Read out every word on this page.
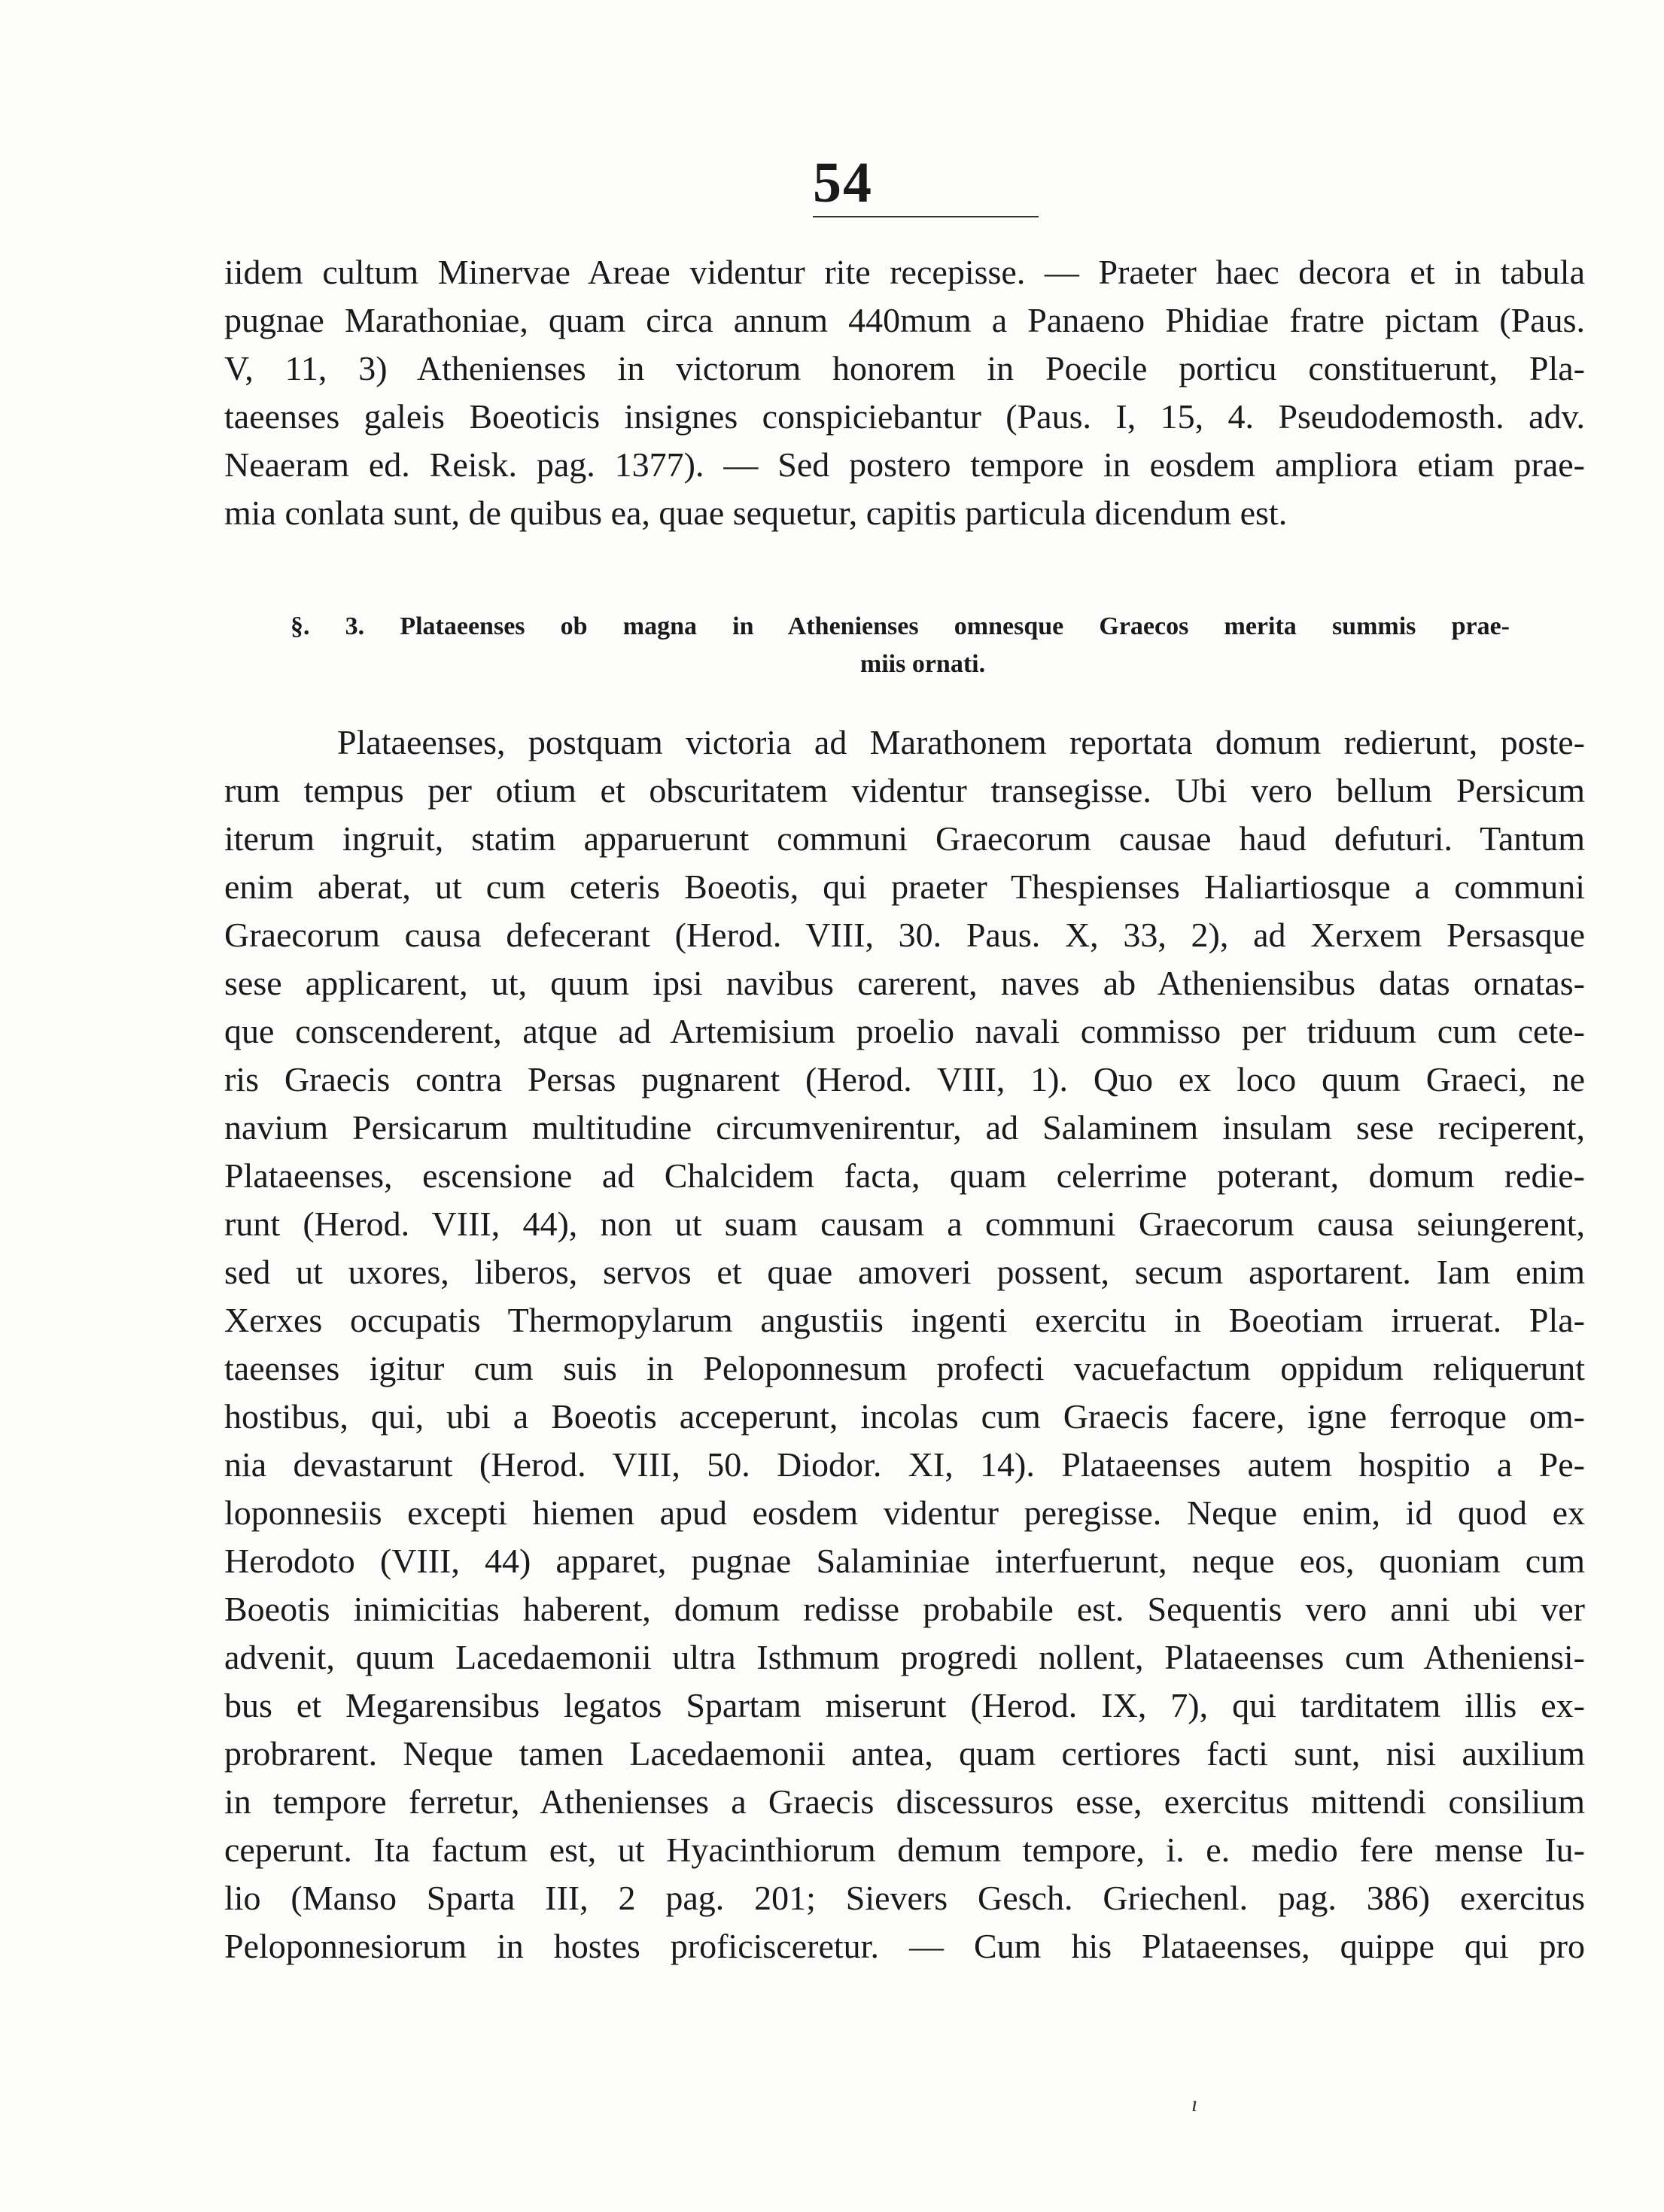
54
iidem cultum Minervae Areae videntur rite recepisse. — Praeter haec decora et in tabula
pugnae Marathoniae, quam circa annum 440mum a Panaeno Phidiae fratre pictam (Paus.
V, 11, 3) Athenienses in victorum honorem in Poecile porticu constituerunt, Pla-
taeenses galeis Boeoticis insignes conspiciebantur (Paus. I, 15, 4. Pseudodemosth. adv.
Neaeram ed. Reisk. pag. 1377). — Sed postero tempore in eosdem ampliora etiam prae-
mia conlata sunt, de quibus ea, quae sequetur, capitis particula dicendum est.
§. 3. Plataeenses ob magna in Athenienses omnesque Graecos merita summis prae-
miis ornati.
Plataeenses, postquam victoria ad Marathonem reportata domum redierunt, poste-
rum tempus per otium et obscuritatem videntur transegisse. Ubi vero bellum Persicum
iterum ingruit, statim apparuerunt communi Graecorum causae haud defuturi. Tantum
enim aberat, ut cum ceteris Boeotis, qui praeter Thespienses Haliartiosque a communi
Graecorum causa defecerant (Herod. VIII, 30. Paus. X, 33, 2), ad Xerxem Persasque
sese applicarent, ut, quum ipsi navibus carerent, naves ab Atheniensibus datas ornatas-
que conscenderent, atque ad Artemisium proelio navali commisso per triduum cum cete-
ris Graecis contra Persas pugnarent (Herod. VIII, 1). Quo ex loco quum Graeci, ne
navium Persicarum multitudine circumvenirentur, ad Salaminem insulam sese reciperent,
Plataeenses, escensione ad Chalcidem facta, quam celerrime poterant, domum redie-
runt (Herod. VIII, 44), non ut suam causam a communi Graecorum causa seiungerent,
sed ut uxores, liberos, servos et quae amoveri possent, secum asportarent. Iam enim
Xerxes occupatis Thermopylarum angustiis ingenti exercitu in Boeotiam irruerat. Pla-
taeenses igitur cum suis in Peloponnesum profecti vacuefactum oppidum reliquerunt
hostibus, qui, ubi a Boeotis acceperunt, incolas cum Graecis facere, igne ferroque om-
nia devastarunt (Herod. VIII, 50. Diodor. XI, 14). Plataeenses autem hospitio a Pe-
loponnesiis excepti hiemen apud eosdem videntur peregisse. Neque enim, id quod ex
Herodoto (VIII, 44) apparet, pugnae Salaminiae interfuerunt, neque eos, quoniam cum
Boeotis inimicitias haberent, domum redisse probabile est. Sequentis vero anni ubi ver
advenit, quum Lacedaemonii ultra Isthmum progredi nollent, Plataeenses cum Atheniensi-
bus et Megarensibus legatos Spartam miserunt (Herod. IX, 7), qui tarditatem illis ex-
probrarent. Neque tamen Lacedaemonii antea, quam certiores facti sunt, nisi auxilium
in tempore ferretur, Athenienses a Graecis discessuros esse, exercitus mittendi consilium
ceperunt. Ita factum est, ut Hyacinthiorum demum tempore, i. e. medio fere mense Iu-
lio (Manso Sparta III, 2 pag. 201; Sievers Gesch. Griechenl. pag. 386) exercitus
Peloponnesiorum in hostes proficisceretur. — Cum his Plataeenses, quippe qui pro
ı
